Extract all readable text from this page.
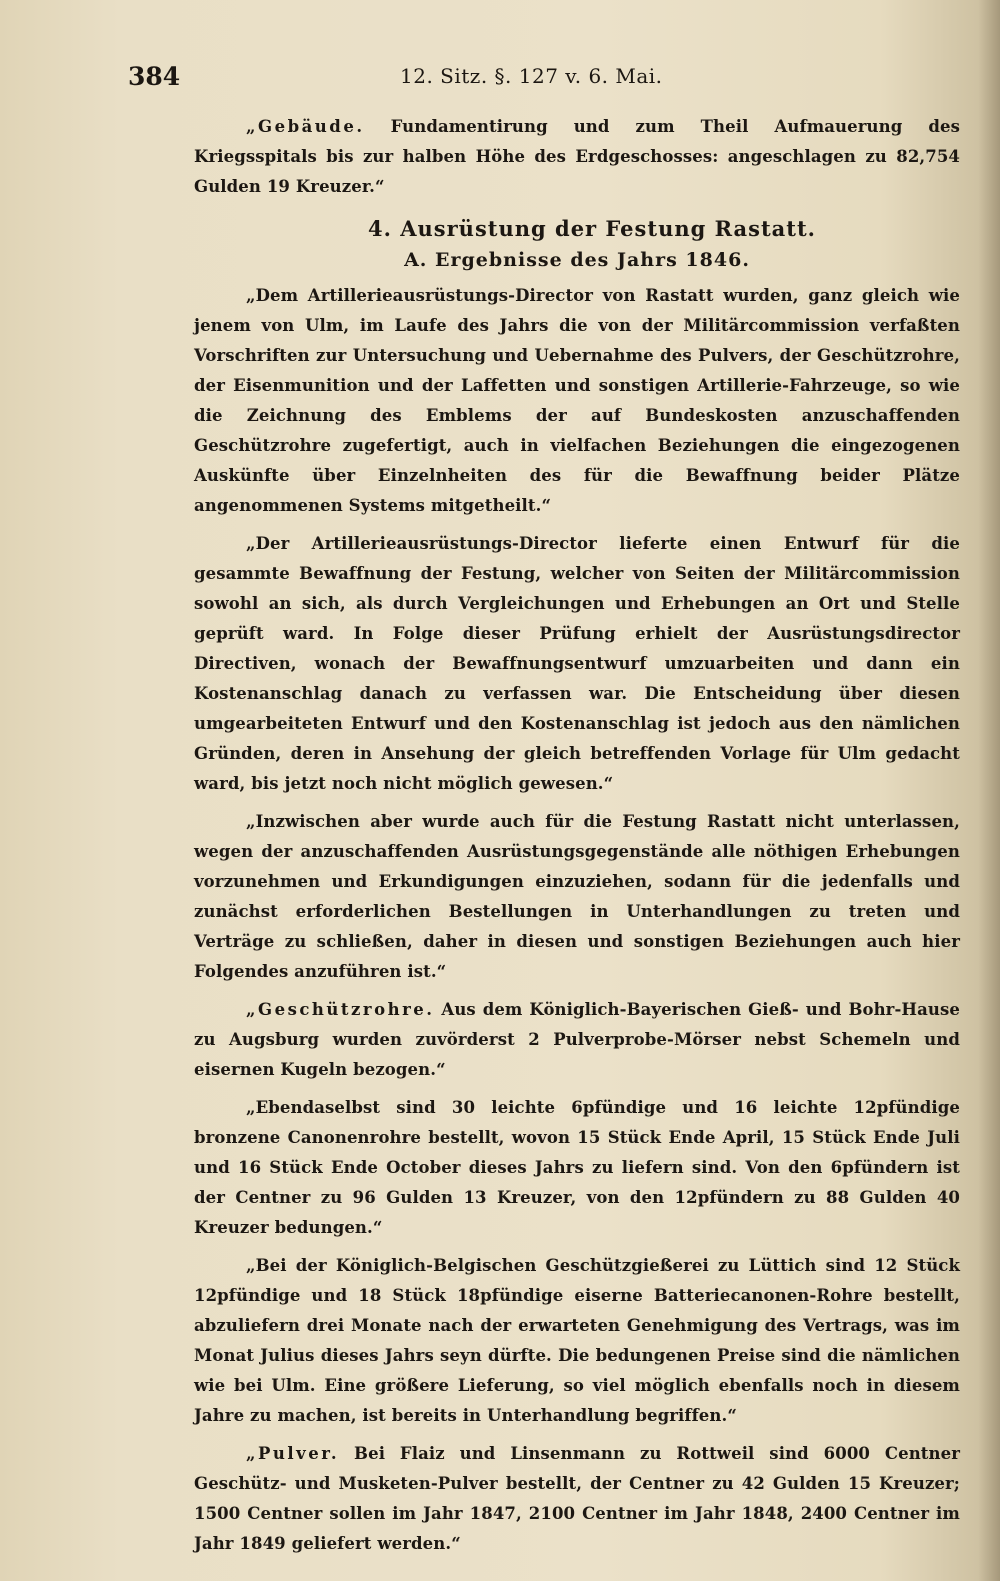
384	12. Sitz. §. 127 v. 6. Mai.

„Gebäude. Fundamentirung und zum Theil Aufmauerung des Kriegsspitals bis zur halben Höhe des Erdgeschosses: angeschlagen zu 82,754 Gulden 19 Kreuzer.“

4. Ausrüstung der Festung Rastatt.
A. Ergebnisse des Jahrs 1846.

„Dem Artillerieausrüstungs-Director von Rastatt wurden, ganz gleich wie jenem von Ulm, im Laufe des Jahrs die von der Militärcommission verfaßten Vorschriften zur Untersuchung und Uebernahme des Pulvers, der Geschützrohre, der Eisenmunition und der Laffetten und sonstigen Artillerie-Fahrzeuge, so wie die Zeichnung des Emblems der auf Bundeskosten anzuschaffenden Geschützrohre zugefertigt, auch in vielfachen Beziehungen die eingezogenen Auskünfte über Einzelnheiten des für die Bewaffnung beider Plätze angenommenen Systems mitgetheilt.“

„Der Artillerieausrüstungs-Director lieferte einen Entwurf für die gesammte Bewaffnung der Festung, welcher von Seiten der Militärcommission sowohl an sich, als durch Vergleichungen und Erhebungen an Ort und Stelle geprüft ward. In Folge dieser Prüfung erhielt der Ausrüstungsdirector Directiven, wonach der Bewaffnungsentwurf umzuarbeiten und dann ein Kostenanschlag danach zu verfassen war. Die Entscheidung über diesen umgearbeiteten Entwurf und den Kostenanschlag ist jedoch aus den nämlichen Gründen, deren in Ansehung der gleich betreffenden Vorlage für Ulm gedacht ward, bis jetzt noch nicht möglich gewesen.“

„Inzwischen aber wurde auch für die Festung Rastatt nicht unterlassen, wegen der anzuschaffenden Ausrüstungsgegenstände alle nöthigen Erhebungen vorzunehmen und Erkundigungen einzuziehen, sodann für die jedenfalls und zunächst erforderlichen Bestellungen in Unterhandlungen zu treten und Verträge zu schließen, daher in diesen und sonstigen Beziehungen auch hier Folgendes anzuführen ist.“

„Geschützrohre. Aus dem Königlich-Bayerischen Gieß- und Bohr-Hause zu Augsburg wurden zuvörderst 2 Pulverprobe-Mörser nebst Schemeln und eisernen Kugeln bezogen.“

„Ebendaselbst sind 30 leichte 6pfündige und 16 leichte 12pfündige bronzene Canonenrohre bestellt, wovon 15 Stück Ende April, 15 Stück Ende Juli und 16 Stück Ende October dieses Jahrs zu liefern sind. Von den 6pfündern ist der Centner zu 96 Gulden 13 Kreuzer, von den 12pfündern zu 88 Gulden 40 Kreuzer bedungen.“

„Bei der Königlich-Belgischen Geschützgießerei zu Lüttich sind 12 Stück 12pfündige und 18 Stück 18pfündige eiserne Batteriecanonen-Rohre bestellt, abzuliefern drei Monate nach der erwarteten Genehmigung des Vertrags, was im Monat Julius dieses Jahrs seyn dürfte. Die bedungenen Preise sind die nämlichen wie bei Ulm. Eine größere Lieferung, so viel möglich ebenfalls noch in diesem Jahre zu machen, ist bereits in Unterhandlung begriffen.“

„Pulver. Bei Flaiz und Linsenmann zu Rottweil sind 6000 Centner Geschütz- und Musketen-Pulver bestellt, der Centner zu 42 Gulden 15 Kreuzer; 1500 Centner sollen im Jahr 1847, 2100 Centner im Jahr 1848, 2400 Centner im Jahr 1849 geliefert werden.“
